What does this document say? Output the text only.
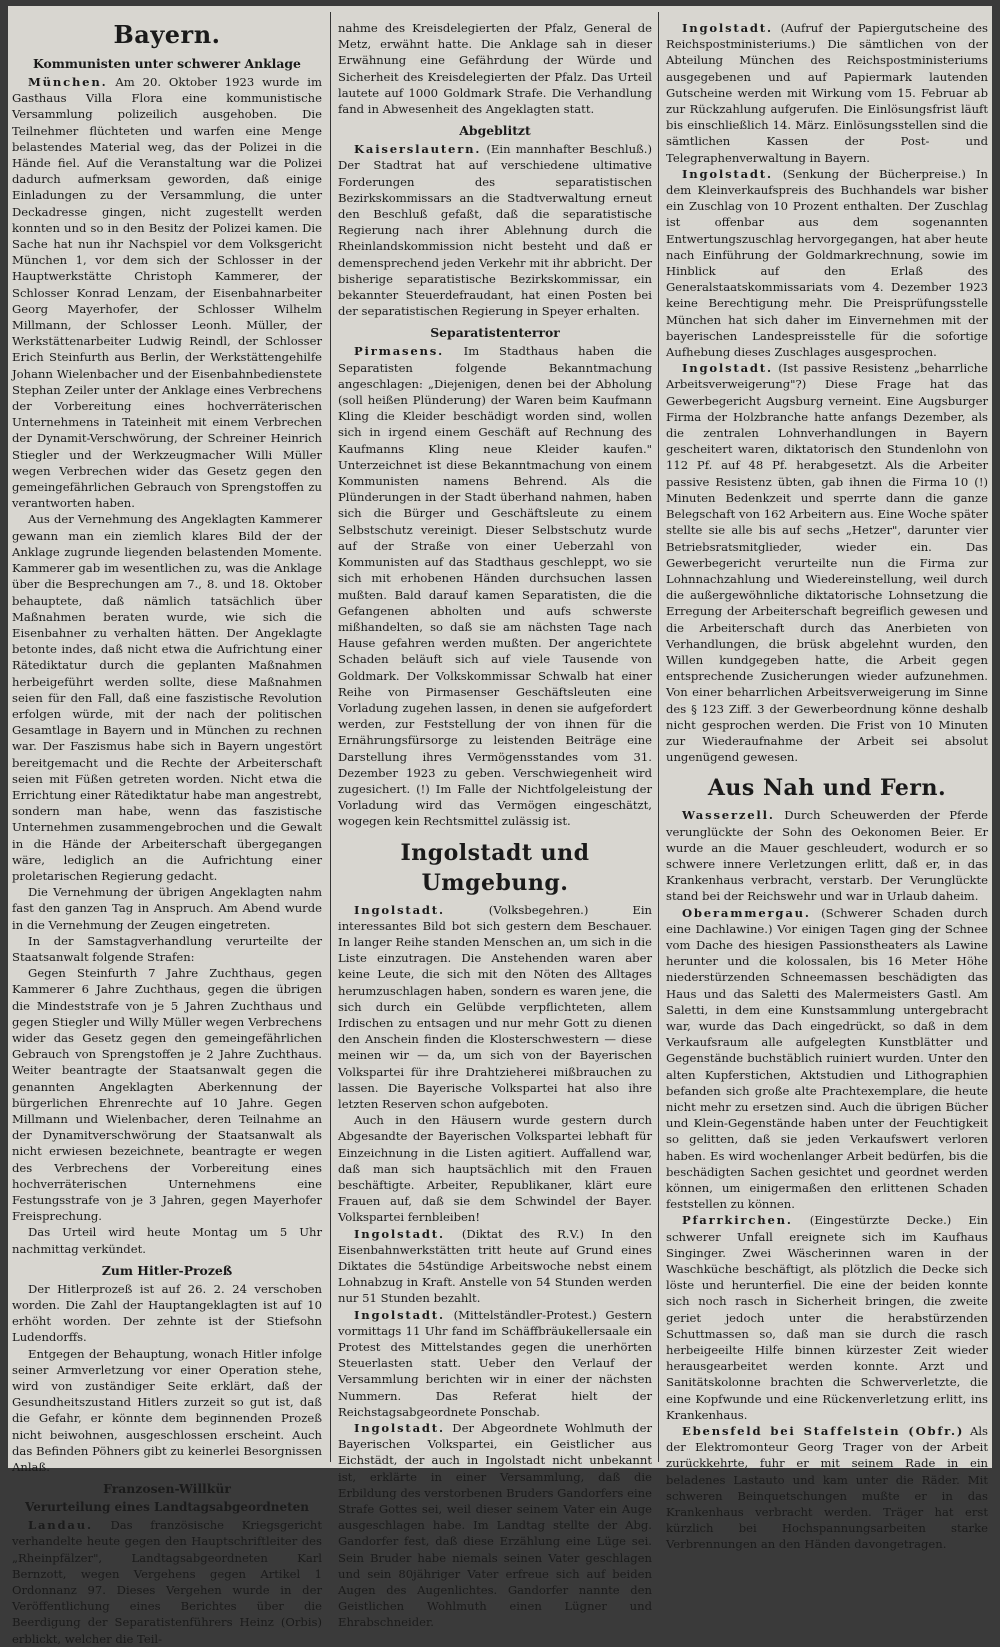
Bayern.
Kommunisten unter schwerer Anklage

München. Am 20. Oktober 1923 wurde im Gasthaus Villa Flora eine kommunistische Versammlung polizeilich ausgehoben. Die Teilnehmer flüchteten und warfen eine Menge belastendes Material weg, das der Polizei in die Hände fiel. Auf die Veranstaltung war die Polizei dadurch aufmerksam geworden, daß einige Einladungen zu der Versammlung, die unter Deckadresse gingen, nicht zugestellt werden konnten und so in den Besitz der Polizei kamen. Die Sache hat nun ihr Nachspiel vor dem Volksgericht München 1, vor dem sich der Schlosser in der Hauptwerkstätte Christoph Kammerer, der Schlosser Konrad Lenzam, der Eisenbahnarbeiter Georg Mayerhofer, der Schlosser Wilhelm Millmann, der Schlosser Leonh. Müller, der Werkstättenarbeiter Ludwig Reindl, der Schlosser Erich Steinfurth aus Berlin, der Werkstättengehilfe Johann Wielenbacher und der Eisenbahnbedienstete Stephan Zeiler unter der Anklage eines Verbrechens der Vorbereitung eines hochverräterischen Unternehmens in Tateinheit mit einem Verbrechen der Dynamit-Verschwörung, der Schreiner Heinrich Stiegler und der Werkzeugmacher Willi Müller wegen Verbrechen wider das Gesetz gegen den gemeingefährlichen Gebrauch von Sprengstoffen zu verantworten haben.

Aus der Vernehmung des Angeklagten Kammerer gewann man ein ziemlich klares Bild der der Anklage zugrunde liegenden belastenden Momente. Kammerer gab im wesentlichen zu, was die Anklage über die Besprechungen am 7., 8. und 18. Oktober behauptete, daß nämlich tatsächlich über Maßnahmen beraten wurde, wie sich die Eisenbahner zu verhalten hätten. Der Angeklagte betonte indes, daß nicht etwa die Aufrichtung einer Rätediktatur durch die geplanten Maßnahmen herbeigeführt werden sollte, diese Maßnahmen seien für den Fall, daß eine faszistische Revolution erfolgen würde, mit der nach der politischen Gesamtlage in Bayern und in München zu rechnen war. Der Faszismus habe sich in Bayern ungestört bereitgemacht und die Rechte der Arbeiterschaft seien mit Füßen getreten worden. Nicht etwa die Errichtung einer Rätediktatur habe man angestrebt, sondern man habe, wenn das faszistische Unternehmen zusammengebrochen und die Gewalt in die Hände der Arbeiterschaft übergegangen wäre, lediglich an die Aufrichtung einer proletarischen Regierung gedacht.

Die Vernehmung der übrigen Angeklagten nahm fast den ganzen Tag in Anspruch. Am Abend wurde in die Vernehmung der Zeugen eingetreten.

In der Samstagverhandlung verurteilte der Staatsanwalt folgende Strafen:

Gegen Steinfurth 7 Jahre Zuchthaus, gegen Kammerer 6 Jahre Zuchthaus, gegen die übrigen die Mindeststrafe von je 5 Jahren Zuchthaus und gegen Stiegler und Willy Müller wegen Verbrechens wider das Gesetz gegen den gemeingefährlichen Gebrauch von Sprengstoffen je 2 Jahre Zuchthaus. Weiter beantragte der Staatsanwalt gegen die genannten Angeklagten Aberkennung der bürgerlichen Ehrenrechte auf 10 Jahre. Gegen Millmann und Wielenbacher, deren Teilnahme an der Dynamitverschwörung der Staatsanwalt als nicht erwiesen bezeichnete, beantragte er wegen des Verbrechens der Vorbereitung eines hochverräterischen Unternehmens eine Festungsstrafe von je 3 Jahren, gegen Mayerhofer Freisprechung.

Das Urteil wird heute Montag um 5 Uhr nachmittag verkündet.

Zum Hitler-Prozeß

Der Hitlerprozeß ist auf 26. 2. 24 verschoben worden. Die Zahl der Hauptangeklagten ist auf 10 erhöht worden. Der zehnte ist der Stiefsohn Ludendorffs.

Entgegen der Behauptung, wonach Hitler infolge seiner Armverletzung vor einer Operation stehe, wird von zuständiger Seite erklärt, daß der Gesundheitszustand Hitlers zurzeit so gut ist, daß die Gefahr, er könnte dem beginnenden Prozeß nicht beiwohnen, ausgeschlossen erscheint. Auch das Befinden Pöhners gibt zu keinerlei Besorgnissen Anlaß.

Franzosen-Willkür
Verurteilung eines Landtagsabgeordneten

Landau. Das französische Kriegsgericht verhandelte heute gegen den Hauptschriftleiter des „Rheinpfälzer", Landtagsabgeordneten Karl Bernzott, wegen Vergehens gegen Artikel 1 Ordonnanz 97. Dieses Vergehen wurde in der Veröffentlichung eines Berichtes über die Beerdigung der Separatistenführers Heinz (Orbis) erblickt, welcher die Teil-

nahme des Kreisdelegierten der Pfalz, General de Metz, erwähnt hatte. Die Anklage sah in dieser Erwähnung eine Gefährdung der Würde und Sicherheit des Kreisdelegierten der Pfalz. Das Urteil lautete auf 1000 Goldmark Strafe. Die Verhandlung fand in Abwesenheit des Angeklagten statt.

Abgeblitzt

Kaiserslautern. (Ein mannhafter Beschluß.) Der Stadtrat hat auf verschiedene ultimative Forderungen des separatistischen Bezirkskommissars an die Stadtverwaltung erneut den Beschluß gefaßt, daß die separatistische Regierung nach ihrer Ablehnung durch die Rheinlandskommission nicht besteht und daß er demensprechend jeden Verkehr mit ihr abbricht. Der bisherige separatistische Bezirkskommissar, ein bekannter Steuerdefraudant, hat einen Posten bei der separatistischen Regierung in Speyer erhalten.

Separatistenterror

Pirmasens. Im Stadthaus haben die Separatisten folgende Bekanntmachung angeschlagen: „Diejenigen, denen bei der Abholung (soll heißen Plünderung) der Waren beim Kaufmann Kling die Kleider beschädigt worden sind, wollen sich in irgend einem Geschäft auf Rechnung des Kaufmanns Kling neue Kleider kaufen." Unterzeichnet ist diese Bekanntmachung von einem Kommunisten namens Behrend. Als die Plünderungen in der Stadt überhand nahmen, haben sich die Bürger und Geschäftsleute zu einem Selbstschutz vereinigt. Dieser Selbstschutz wurde auf der Straße von einer Ueberzahl von Kommunisten auf das Stadthaus geschleppt, wo sie sich mit erhobenen Händen durchsuchen lassen mußten. Bald darauf kamen Separatisten, die die Gefangenen abholten und aufs schwerste mißhandelten, so daß sie am nächsten Tage nach Hause gefahren werden mußten. Der angerichtete Schaden beläuft sich auf viele Tausende von Goldmark. Der Volkskommissar Schwalb hat einer Reihe von Pirmasenser Geschäftsleuten eine Vorladung zugehen lassen, in denen sie aufgefordert werden, zur Feststellung der von ihnen für die Ernährungsfürsorge zu leistenden Beiträge eine Darstellung ihres Vermögensstandes vom 31. Dezember 1923 zu geben. Verschwiegenheit wird zugesichert. (!) Im Falle der Nichtfolgeleistung der Vorladung wird das Vermögen eingeschätzt, wogegen kein Rechtsmittel zulässig ist.

Ingolstadt und Umgebung.

Ingolstadt.	(Volksbegehren.) Ein interessantes Bild bot sich gestern dem Beschauer. In langer Reihe standen Menschen an, um sich in die Liste einzutragen. Die Anstehenden waren aber keine Leute, die sich mit den Nöten des Alltages herumzuschlagen haben, sondern es waren jene, die sich durch ein Gelübde verpflichteten, allem Irdischen zu entsagen und nur mehr Gott zu dienen den Anschein finden die Klosterschwestern — diese meinen wir — da, um sich von der Bayerischen Volkspartei für ihre Drahtzieherei mißbrauchen zu lassen. Die Bayerische Volkspartei hat also ihre letzten Reserven schon aufgeboten.

Auch in den Häusern wurde gestern durch Abgesandte der Bayerischen Volkspartei lebhaft für Einzeichnung in die Listen agitiert. Auffallend war, daß man sich hauptsächlich mit den Frauen beschäftigte. Arbeiter, Republikaner, klärt eure Frauen auf, daß sie dem Schwindel der Bayer. Volkspartei fernbleiben!

Ingolstadt. (Diktat des R.V.) In den Eisenbahnwerkstätten tritt heute auf Grund eines Diktates die 54stündige Arbeitswoche nebst einem Lohnabzug in Kraft. Anstelle von 54 Stunden werden nur 51 Stunden bezahlt.

Ingolstadt. (Mittelständler-Protest.) Gestern vormittags 11 Uhr fand im Schäffbräukellersaale ein Protest des Mittelstandes gegen die unerhörten Steuerlasten statt. Ueber den Verlauf der Versammlung berichten wir in einer der nächsten Nummern. Das Referat hielt der Reichstagsabgeordnete Ponschab.

Ingolstadt. Der Abgeordnete Wohlmuth der Bayerischen Volkspartei, ein Geistlicher aus Eichstädt, der auch in Ingolstadt nicht unbekannt ist, erklärte in einer Versammlung, daß die Erbildung des verstorbenen Bruders Gandorfers eine Strafe Gottes sei, weil dieser seinem Vater ein Auge ausgeschlagen habe. Im Landtag stellte der Abg. Gandorfer fest, daß diese Erzählung eine Lüge sei. Sein Bruder habe niemals seinen Vater geschlagen und sein 80jähriger Vater erfreue sich auf beiden Augen des Augenlichtes. Gandorfer nannte den Geistlichen Wohlmuth einen Lügner und Ehrabschneider.

Ingolstadt. (Aufruf der Papiergutscheine des Reichspostministeriums.) Die sämtlichen von der Abteilung München des Reichspostministeriums ausgegebenen und auf Papiermark lautenden Gutscheine werden mit Wirkung vom 15. Februar ab zur Rückzahlung aufgerufen. Die Einlösungsfrist läuft bis einschließlich 14. März. Einlösungsstellen sind die sämtlichen Kassen der Post- und Telegraphenverwaltung in Bayern.

Ingolstadt. (Senkung der Bücherpreise.) In dem Kleinverkaufspreis des Buchhandels war bisher ein Zuschlag von 10 Prozent enthalten. Der Zuschlag ist offenbar aus dem sogenannten Entwertungszuschlag hervorgegangen, hat aber heute nach Einführung der Goldmarkrechnung, sowie im Hinblick auf den Erlaß des Generalstaatskommissariats vom 4. Dezember 1923 keine Berechtigung mehr. Die Preisprüfungsstelle München hat sich daher im Einvernehmen mit der bayerischen Landespreisstelle für die sofortige Aufhebung dieses Zuschlages ausgesprochen.

Ingolstadt. (Ist passive Resistenz „beharrliche Arbeitsverweigerung"?) Diese Frage hat das Gewerbegericht Augsburg verneint. Eine Augsburger Firma der Holzbranche hatte anfangs Dezember, als die zentralen Lohnverhandlungen in Bayern gescheitert waren, diktatorisch den Stundenlohn von 112 Pf. auf 48 Pf. herabgesetzt. Als die Arbeiter passive Resistenz übten, gab ihnen die Firma 10 (!) Minuten Bedenkzeit und sperrte dann die ganze Belegschaft von 162 Arbeitern aus. Eine Woche später stellte sie alle bis auf sechs „Hetzer", darunter vier Betriebsratsmitglieder, wieder ein. Das Gewerbegericht verurteilte nun die Firma zur Lohnnachzahlung und Wiedereinstellung, weil durch die außergewöhnliche diktatorische Lohnsetzung die Erregung der Arbeiterschaft begreiflich gewesen und die Arbeiterschaft durch das Anerbieten von Verhandlungen, die brüsk abgelehnt wurden, den Willen kundgegeben hatte, die Arbeit gegen entsprechende Zusicherungen wieder aufzunehmen. Von einer beharrlichen Arbeitsverweigerung im Sinne des § 123 Ziff. 3 der Gewerbeordnung könne deshalb nicht gesprochen werden. Die Frist von 10 Minuten zur Wiederaufnahme der Arbeit sei absolut ungenügend gewesen.

Aus Nah und Fern.

Wasserzell. Durch Scheuwerden der Pferde verunglückte der Sohn des Oekonomen Beier. Er wurde an die Mauer geschleudert, wodurch er so schwere innere Verletzungen erlitt, daß er, in das Krankenhaus verbracht, verstarb. Der Verunglückte stand bei der Reichswehr und war in Urlaub daheim.

Oberammergau. (Schwerer Schaden durch eine Dachlawine.) Vor einigen Tagen ging der Schnee vom Dache des hiesigen Passionstheaters als Lawine herunter und die kolossalen, bis 16 Meter Höhe niederstürzenden Schneemassen beschädigten das Haus und das Saletti des Malermeisters Gastl. Am Saletti, in dem eine Kunstsammlung untergebracht war, wurde das Dach eingedrückt, so daß in dem Verkaufsraum alle aufgelegten Kunstblätter und Gegenstände buchstäblich ruiniert wurden. Unter den alten Kupferstichen, Aktstudien und Lithographien befanden sich große alte Prachtexemplare, die heute nicht mehr zu ersetzen sind. Auch die übrigen Bücher und Klein-Gegenstände haben unter der Feuchtigkeit so gelitten, daß sie jeden Verkaufswert verloren haben. Es wird wochenlanger Arbeit bedürfen, bis die beschädigten Sachen gesichtet und geordnet werden können, um einigermaßen den erlittenen Schaden feststellen zu können.

Pfarrkirchen. (Eingestürzte Decke.) Ein schwerer Unfall ereignete sich im Kaufhaus Singinger. Zwei Wäscherinnen waren in der Waschküche beschäftigt, als plötzlich die Decke sich löste und herunterfiel. Die eine der beiden konnte sich noch rasch in Sicherheit bringen, die zweite geriet jedoch unter die herabstürzenden Schuttmassen so, daß man sie durch die rasch herbeigeeilte Hilfe binnen kürzester Zeit wieder herausgearbeitet werden konnte. Arzt und Sanitätskolonne brachten die Schwerverletzte, die eine Kopfwunde und eine Rückenverletzung erlitt, ins Krankenhaus.

Ebensfeld bei Staffelstein (Obfr.) Als der Elektromonteur Georg Trager von der Arbeit zurückkehrte, fuhr er mit seinem Rade in ein beladenes Lastauto und kam unter die Räder. Mit schweren Beinquetschungen mußte er in das Krankenhaus verbracht werden. Träger hat erst kürzlich bei Hochspannungsarbeiten starke Verbrennungen an den Händen davongetragen.
